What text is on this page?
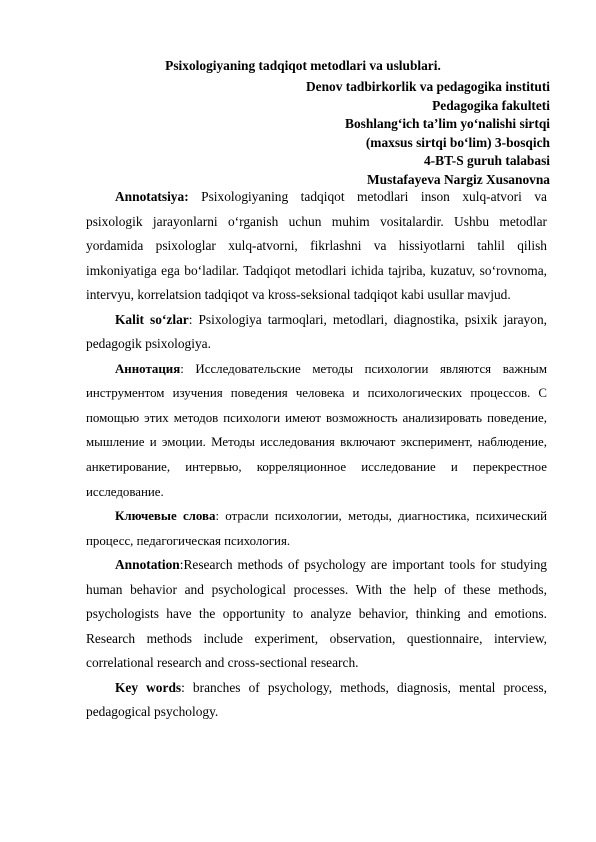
Psixologiyaning tadqiqot metodlari va uslublari.
Denov tadbirkorlik va pedagogika instituti
Pedagogika fakulteti
Boshlang‘ich ta’lim yo‘nalishi sirtqi
(maxsus sirtqi bo‘lim) 3-bosqich
4-BT-S guruh talabasi
Mustafayeva Nargiz Xusanovna

Annotatsiya: Psixologiyaning tadqiqot metodlari inson xulq-atvori va psixologik jarayonlarni o‘rganish uchun muhim vositalardir. Ushbu metodlar yordamida psixologlar xulq-atvorni, fikrlashni va hissiyotlarni tahlil qilish imkoniyatiga ega bo‘ladilar. Tadqiqot metodlari ichida tajriba, kuzatuv, so‘rovnoma, intervyu, korrelatsion tadqiqot va kross-seksional tadqiqot kabi usullar mavjud.

Kalit so‘zlar: Psixologiya tarmoqlari, metodlari, diagnostika, psixik jarayon, pedagogik psixologiya.

Аннотация: Исследовательские методы психологии являются важным инструментом изучения поведения человека и психологических процессов. С помощью этих методов психологи имеют возможность анализировать поведение, мышление и эмоции. Методы исследования включают эксперимент, наблюдение, анкетирование, интервью, корреляционное исследование и перекрестное исследование.

Ключевые слова: отрасли психологии, методы, диагностика, психический процесс, педагогическая психология.

Annotation:Research methods of psychology are important tools for studying human behavior and psychological processes. With the help of these methods, psychologists have the opportunity to analyze behavior, thinking and emotions. Research methods include experiment, observation, questionnaire, interview, correlational research and cross-sectional research.

Key words: branches of psychology, methods, diagnosis, mental process, pedagogical psychology.
